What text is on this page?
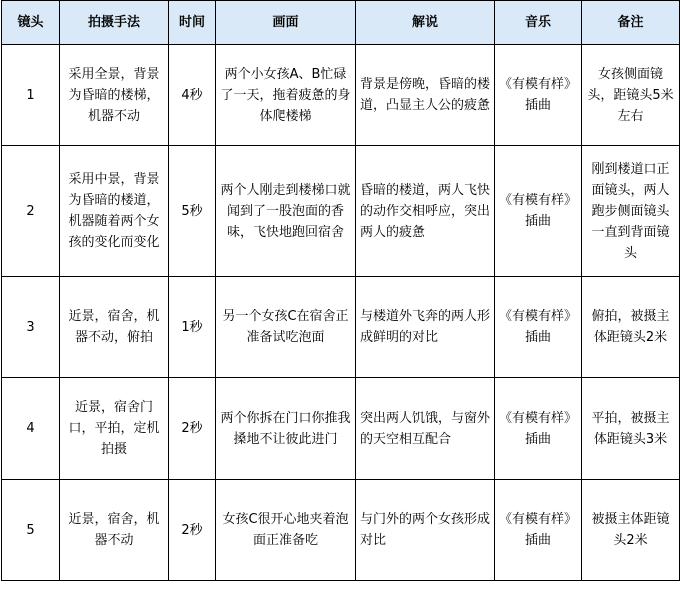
镜头	拍摄手法	时间	画面	解说	音乐	备注
1	采用全景，背景为昏暗的楼梯，机器不动	4秒	两个小女孩A、B忙碌了一天，拖着疲惫的身体爬楼梯	背景是傍晚，昏暗的楼道，凸显主人公的疲惫	《有模有样》插曲	女孩侧面镜头，距镜头5米左右
2	采用中景，背景为昏暗的楼道，机器随着两个女孩的变化而变化	5秒	两个人刚走到楼梯口就闻到了一股泡面的香味，飞快地跑回宿舍	昏暗的楼道，两人飞快的动作交相呼应，突出两人的疲惫	《有模有样》插曲	刚到楼道口正面镜头，两人跑步侧面镜头一直到背面镜头
3	近景，宿舍，机器不动，俯拍	1秒	另一个女孩C在宿舍正准备试吃泡面	与楼道外飞奔的两人形成鲜明的对比	《有模有样》插曲	俯拍，被摄主体距镜头2米
4	近景，宿舍门口，平拍，定机拍摄	2秒	两个你拆在门口你推我搡地不让彼此进门	突出两人饥饿，与窗外的天空相互配合	《有模有样》插曲	平拍，被摄主体距镜头3米
5	近景，宿舍，机器不动	2秒	女孩C很开心地夹着泡面正准备吃	与门外的两个女孩形成对比	《有模有样》插曲	被摄主体距镜头2米
